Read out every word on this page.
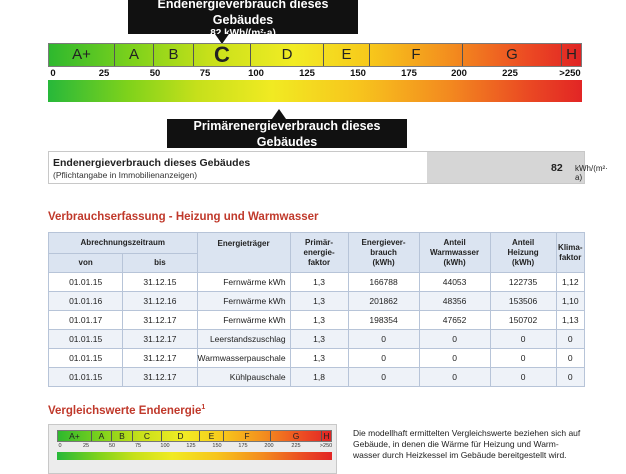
Endenergieverbrauch dieses Gebäudes
82 kWh/(m²·a)
A+	A	B	C	D	E	F	G	H
0	25	50	75	100	125	150	175	200	225	>250
Primärenergieverbrauch dieses Gebäudes
107 kWh/(m²•a)
Endenergieverbrauch dieses Gebäudes
(Pflichtangabe in Immobilienanzeigen)
82 kWh/(m²· a)
Verbrauchserfassung - Heizung und Warmwasser
Abrechnungszeitraum		Energieträger	Primär-
energie-
faktor	Energiever-
brauch
(kWh)	Anteil
Warmwasser
(kWh)	Anteil
Heizung
(kWh)	Klima-
faktor
von	bis						
01.01.15	31.12.15	Fernwärme kWh	1,3	166788	44053	122735	1,12
01.01.16	31.12.16	Fernwärme kWh	1,3	201862	48356	153506	1,10
01.01.17	31.12.17	Fernwärme kWh	1,3	198354	47652	150702	1,13
01.01.15	31.12.17	Leerstandszuschlag	1,3	0	0	0	0
01.01.15	31.12.17	Warmwasserpauschale	1,3	0	0	0	0
01.01.15	31.12.17	Kühlpauschale	1,8	0	0	0	0
Vergleichswerte Endenergie$^1$
A+	A	B	C	D	E	F	G	H
0	25	50	75	100	125	150	175	200	225	>250
Die modellhaft ermittelten Vergleichswerte beziehen sich auf Gebäude, in denen die Wärme für Heizung und Warm-wasser durch Heizkessel im Gebäude bereitgestellt wird.
